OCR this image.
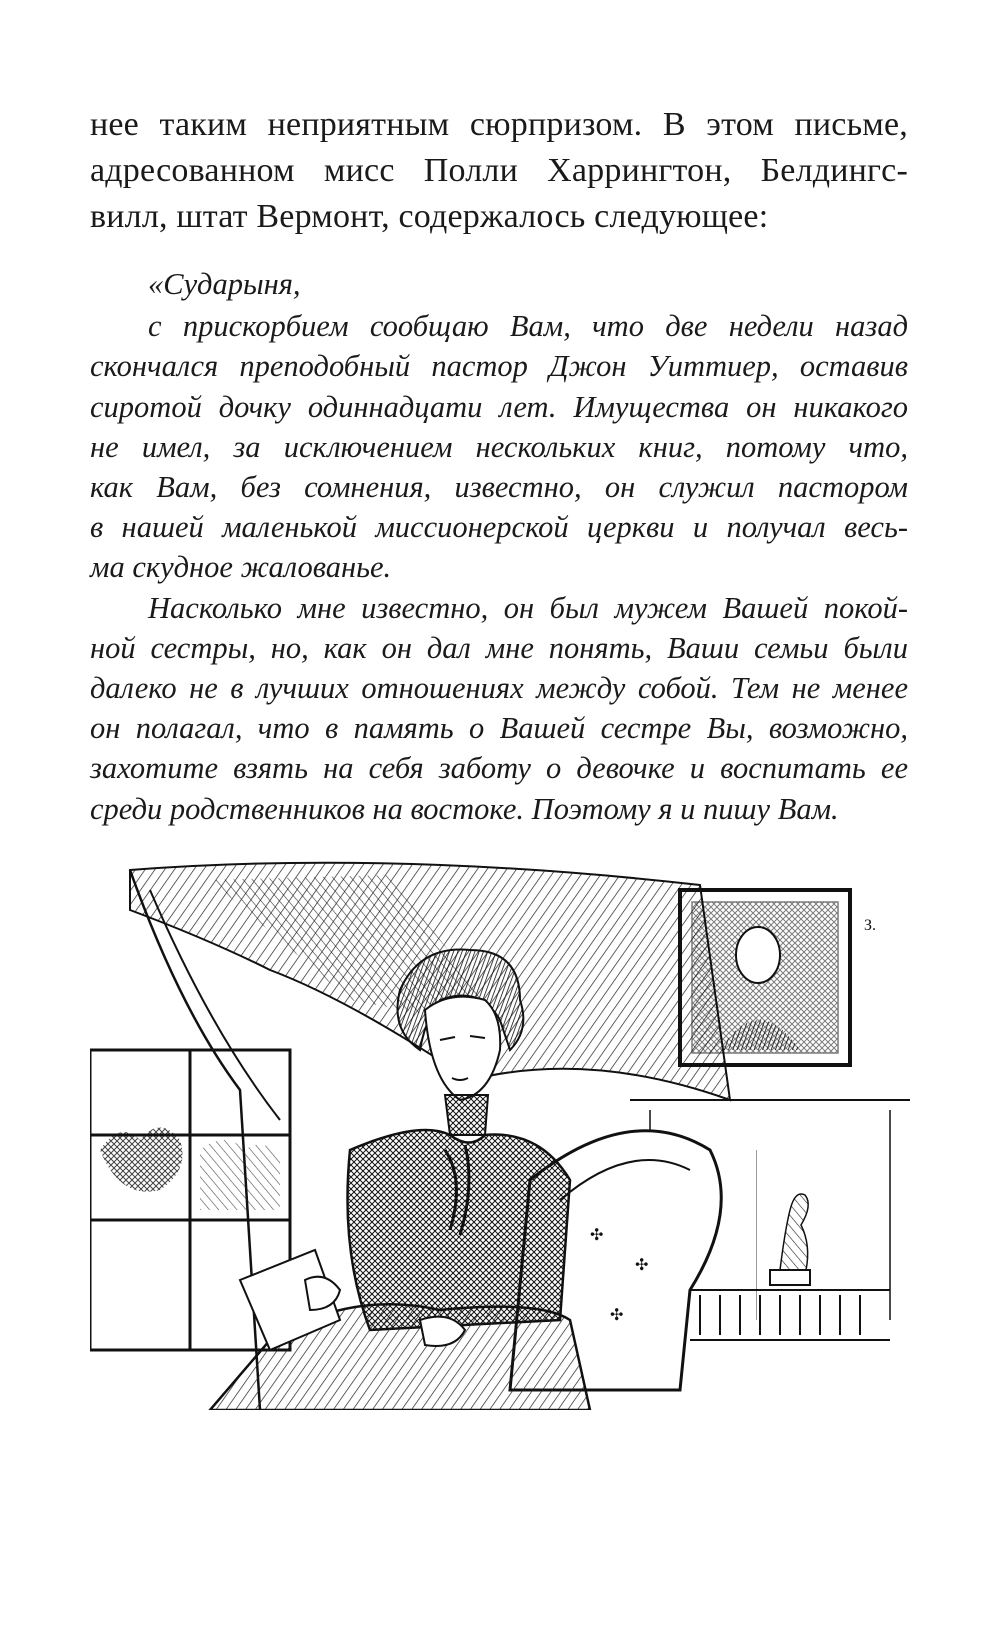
нее таким неприятным сюрпризом. В этом письме,
адресованном мисс Полли Харрингтон, Белдингс-
вилл, штат Вермонт, содержалось следующее:

«Сударыня,
с прискорбием сообщаю Вам, что две недели назад
скончался преподобный пастор Джон Уиттиер, оставив
сиротой дочку одиннадцати лет. Имущества он никакого
не имел, за исключением нескольких книг, потому что,
как Вам, без сомнения, известно, он служил пастором
в нашей маленькой миссионерской церкви и получал весь-
ма скудное жалованье.
Насколько мне известно, он был мужем Вашей покой-
ной сестры, но, как он дал мне понять, Ваши семьи были
далеко не в лучших отношениях между собой. Тем не менее
он полагал, что в память о Вашей сестре Вы, возможно,
захотите взять на себя заботу о девочке и воспитать ее
среди родственников на востоке. Поэтому я и пишу Вам.
З.
✣
✣
✣
